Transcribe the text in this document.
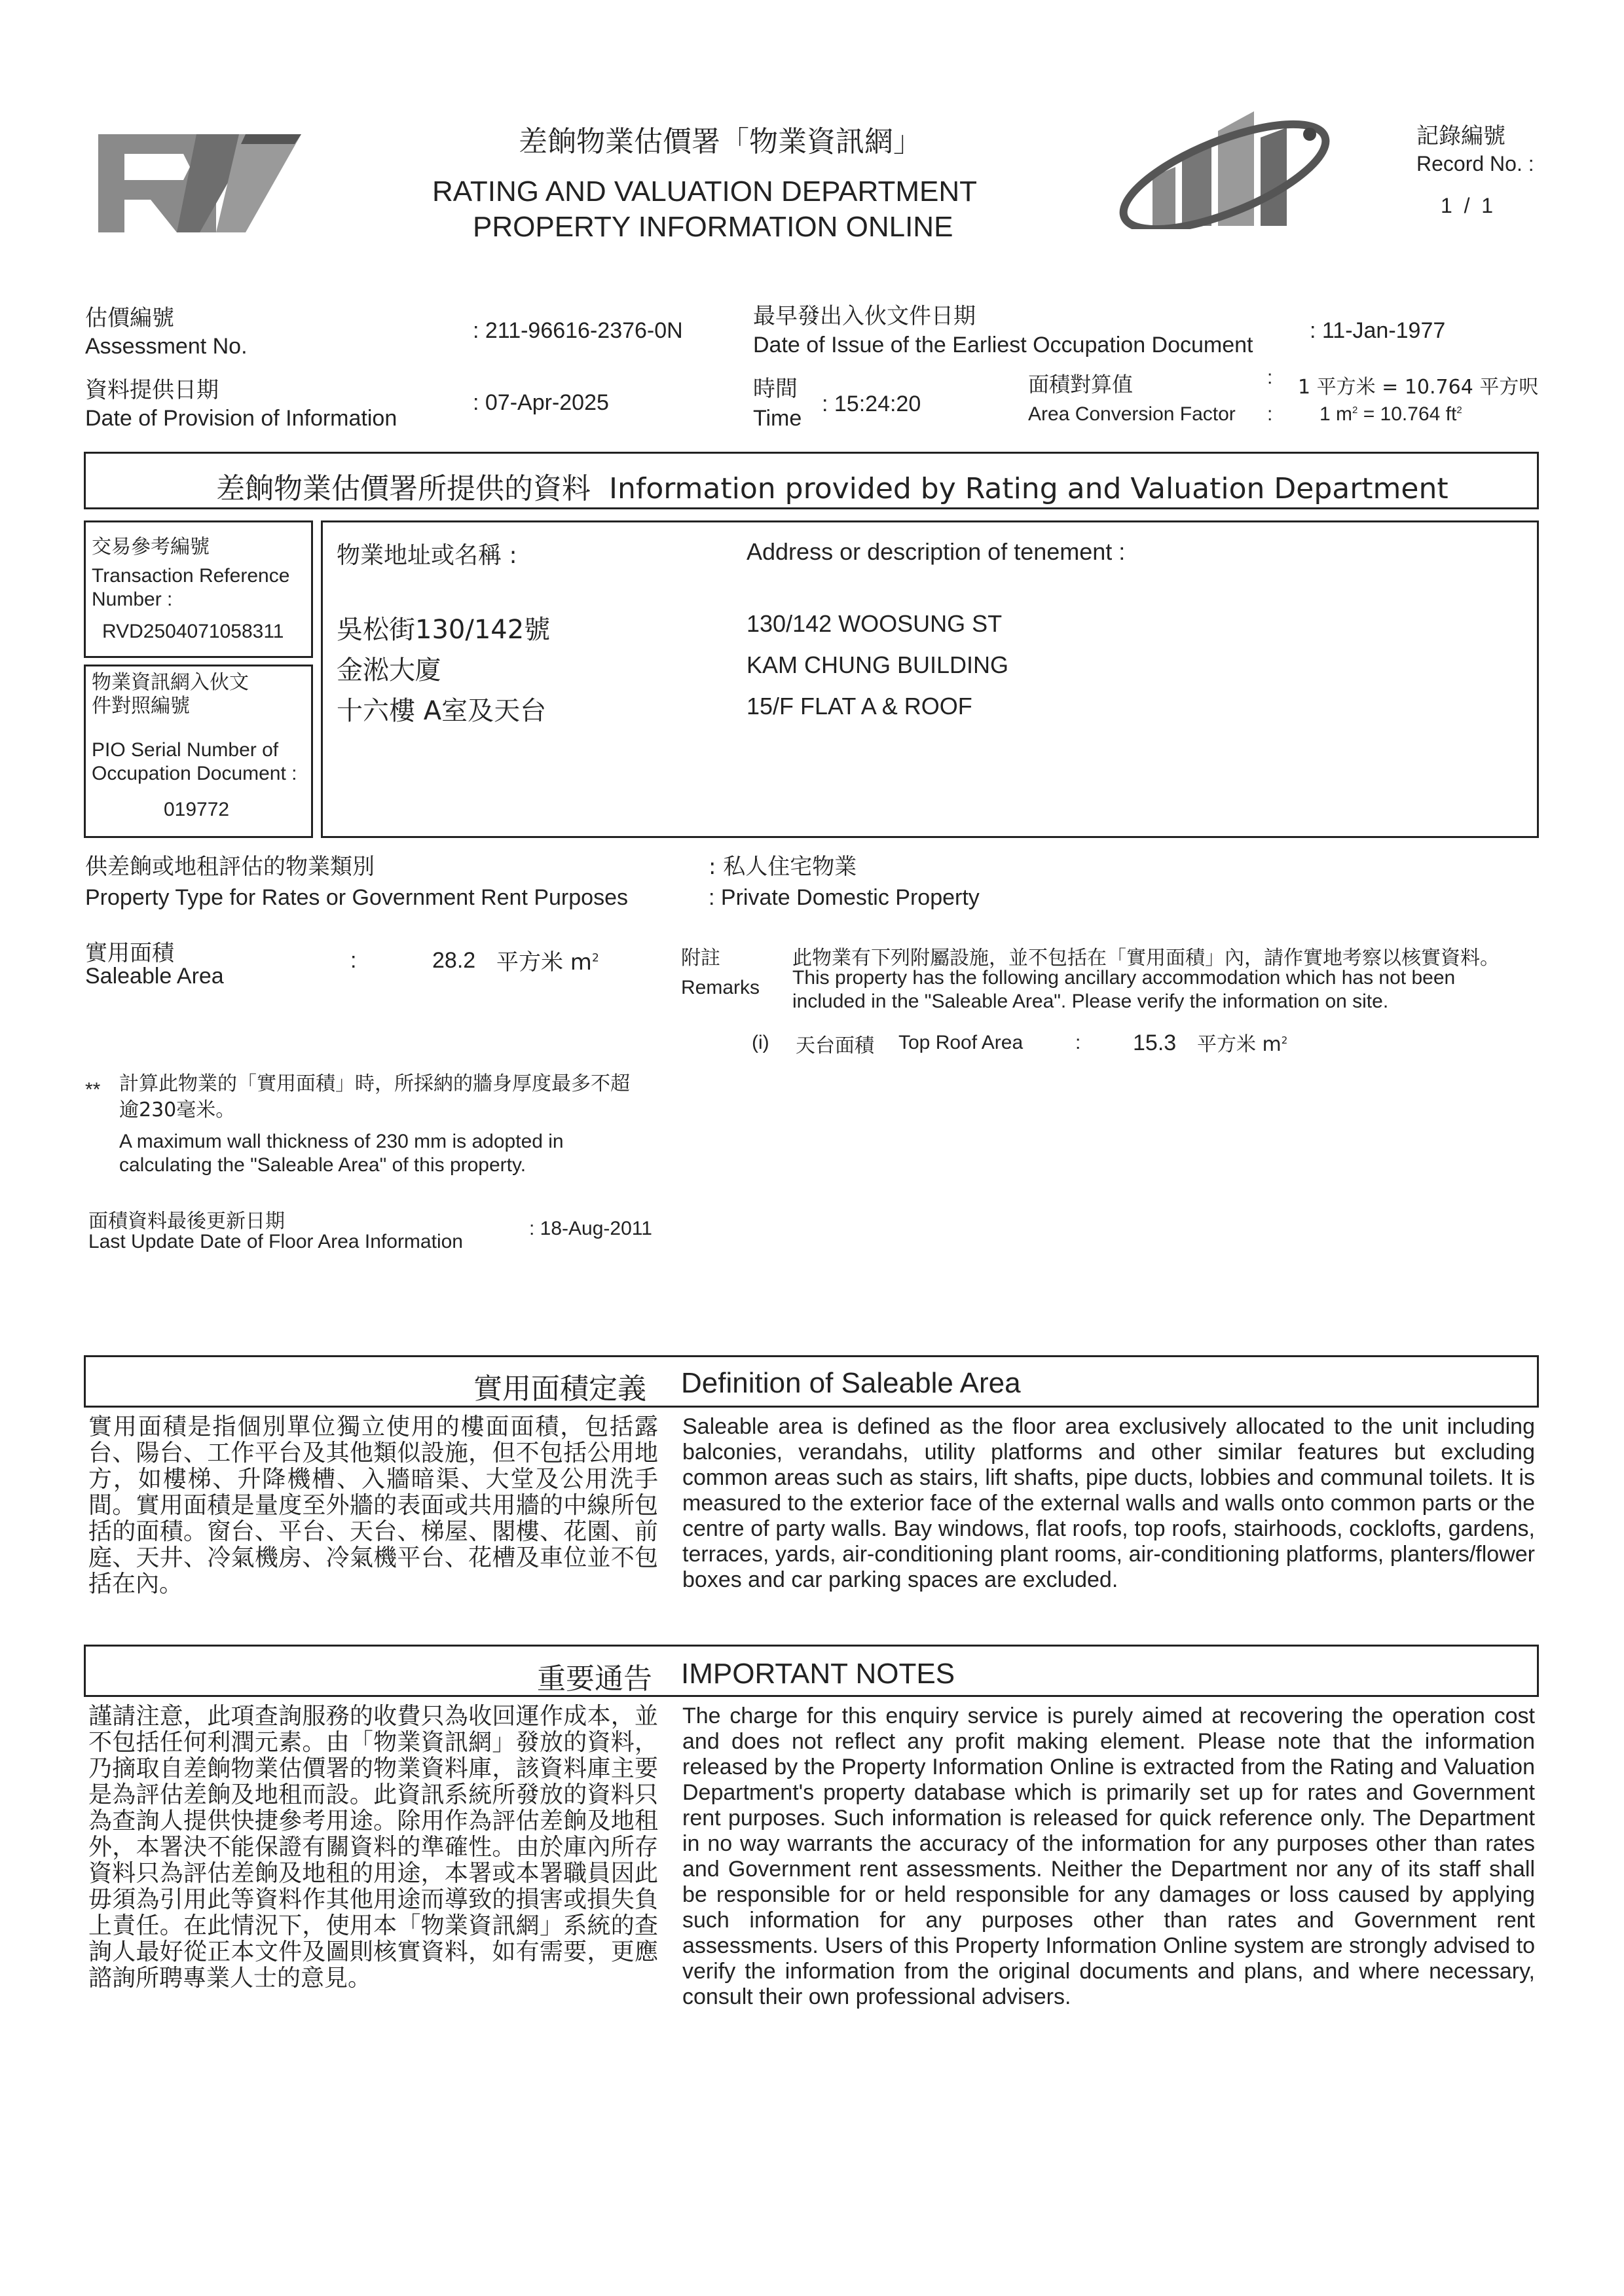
差餉物業估價署「物業資訊網」
RATING AND VALUATION DEPARTMENT
PROPERTY INFORMATION ONLINE
記錄編號
Record No. :
1  /  1
估價編號
Assessment No.
: 211-96616-2376-0N
資料提供日期
Date of Provision of Information
: 07-Apr-2025
最早發出入伙文件日期
Date of Issue of the Earliest Occupation Document
: 11-Jan-1977
時間
Time
: 15:24:20
面積對算值
Area Conversion Factor
:
:
1 平方米 = 10.764 平方呎
1 $m^2 = 10.764$ $ft^2$
差餉物業估價署所提供的資料  Information provided by Rating and Valuation Department
交易參考編號
Transaction Reference Number :
RVD2504071058311
物業資訊網入伙文件對照編號
PIO Serial Number of Occupation Document :
019772
物業地址或名稱 :	Address or description of tenement :
吳松街130/142號
金淞大廈
十六樓 A室及天台
130/142 WOOSUNG ST
KAM CHUNG BUILDING
15/F FLAT A & ROOF
供差餉或地租評估的物業類別
Property Type for Rates or Government Rent Purposes
: 私人住宅物業
: Private Domestic Property
實用面積
Saleable Area
:	28.2 平方米 $m^2$	附註
Remarks
此物業有下列附屬設施，並不包括在「實用面積」內，請作實地考察以核實資料。
This property has the following ancillary accommodation which has not been included in the "Saleable Area". Please verify the information on site.
(i) 天台面積 Top Roof Area	: 15.3 平方米 $m^2$
** 計算此物業的「實用面積」時，所採納的牆身厚度最多不超逾230毫米。
A maximum wall thickness of 230 mm is adopted in calculating the "Saleable Area" of this property.
面積資料最後更新日期
Last Update Date of Floor Area Information
: 18-Aug-2011
實用面積定義 Definition of Saleable Area
實用面積是指個別單位獨立使用的樓面面積，包括露台、陽台、工作平台及其他類似設施，但不包括公用地方，如樓梯、升降機槽、入牆暗渠、大堂及公用洗手間。實用面積是量度至外牆的表面或共用牆的中線所包括的面積。窗台、平台、天台、梯屋、閣樓、花園、前庭、天井、冷氣機房、冷氣機平台、花槽及車位並不包括在內。
Saleable area is defined as the floor area exclusively allocated to the unit including balconies, verandahs, utility platforms and other similar features but excluding common areas such as stairs, lift shafts, pipe ducts, lobbies and communal toilets. It is measured to the exterior face of the external walls and walls onto common parts or the centre of party walls. Bay windows, flat roofs, top roofs, stairhoods, cocklofts, gardens, terraces, yards, air-conditioning plant rooms, air-conditioning platforms, planters/flower boxes and car parking spaces are excluded.
重要通告 IMPORTANT NOTES
謹請注意，此項查詢服務的收費只為收回運作成本，並不包括任何利潤元素。由「物業資訊網」發放的資料，乃摘取自差餉物業估價署的物業資料庫，該資料庫主要是為評估差餉及地租而設。此資訊系統所發放的資料只為查詢人提供快捷參考用途。除用作為評估差餉及地租外，本署決不能保證有關資料的準確性。由於庫內所存資料只為評估差餉及地租的用途，本署或本署職員因此毋須為引用此等資料作其他用途而導致的損害或損失負上責任。在此情況下，使用本「物業資訊網」系統的查詢人最好從正本文件及圖則核實資料，如有需要，更應諮詢所聘專業人士的意見。
The charge for this enquiry service is purely aimed at recovering the operation cost and does not reflect any profit making element. Please note that the information released by the Property Information Online is extracted from the Rating and Valuation Department's property database which is primarily set up for rates and Government rent purposes. Such information is released for quick reference only. The Department in no way warrants the accuracy of the information for any purposes other than rates and Government rent assessments. Neither the Department nor any of its staff shall be responsible for or held responsible for any damages or loss caused by applying such information for any purposes other than rates and Government rent assessments. Users of this Property Information Online system are strongly advised to verify the information from the original documents and plans, and where necessary, consult their own professional advisers.
